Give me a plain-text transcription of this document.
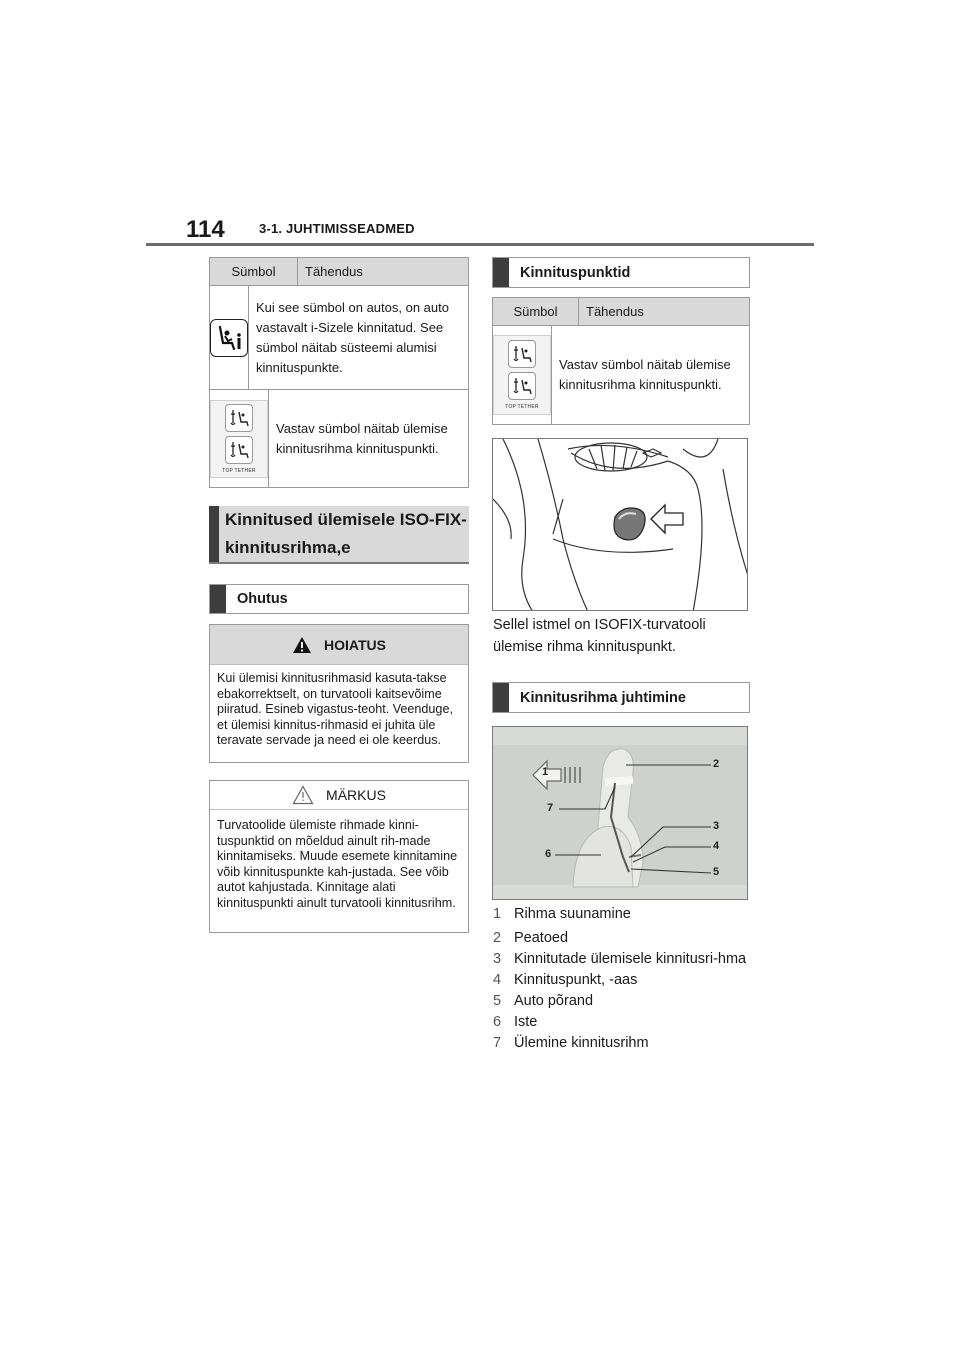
114	3-1. JUHTIMISSEADMED
Sümbol	Tähendus
Kui see sümbol on autos, on auto vastavalt i-Sizele kinnitatud. See sümbol näitab süsteemi alumisi kinnituspunkte.
TOP TETHER
Vastav sümbol näitab ülemise kinnitusrihma kinnituspunkti.
Kinnitused ülemisele ISO-FIX-kinnitusrihma,e
Ohutus
HOIATUS
Kui ülemisi kinnitusrihmasid kasuta-takse ebakorrektselt, on turvatooli kaitsevõime piiratud. Esineb vigastus-teoht. Veenduge, et ülemisi kinnitus-rihmasid ei juhita üle teravate servade ja need ei ole keerdus.
MÄRKUS
Turvatoolide ülemiste rihmade kinni-tuspunktid on mõeldud ainult rih-made kinnitamiseks. Muude esemete kinnitamine võib kinnituspunkte kah-justada. See võib autot kahjustada. Kinnitage alati kinnituspunkti ainult turvatooli kinnitusrihm.
Kinnituspunktid
Sümbol	Tähendus
TOP TETHER
Vastav sümbol näitab ülemise kinnitusrihma kinnituspunkti.
Sellel istmel on ISOFIX-turvatooli ülemise rihma kinnituspunkt.
Kinnitusrihma juhtimine
1
2
7
3
4
6
5
1 Rihma suunamine
2 Peatoed
3 Kinnitutade ülemisele kinnitusri-hma
4 Kinnituspunkt, -aas
5 Auto põrand
6 Iste
7 Ülemine kinnitusrihm
